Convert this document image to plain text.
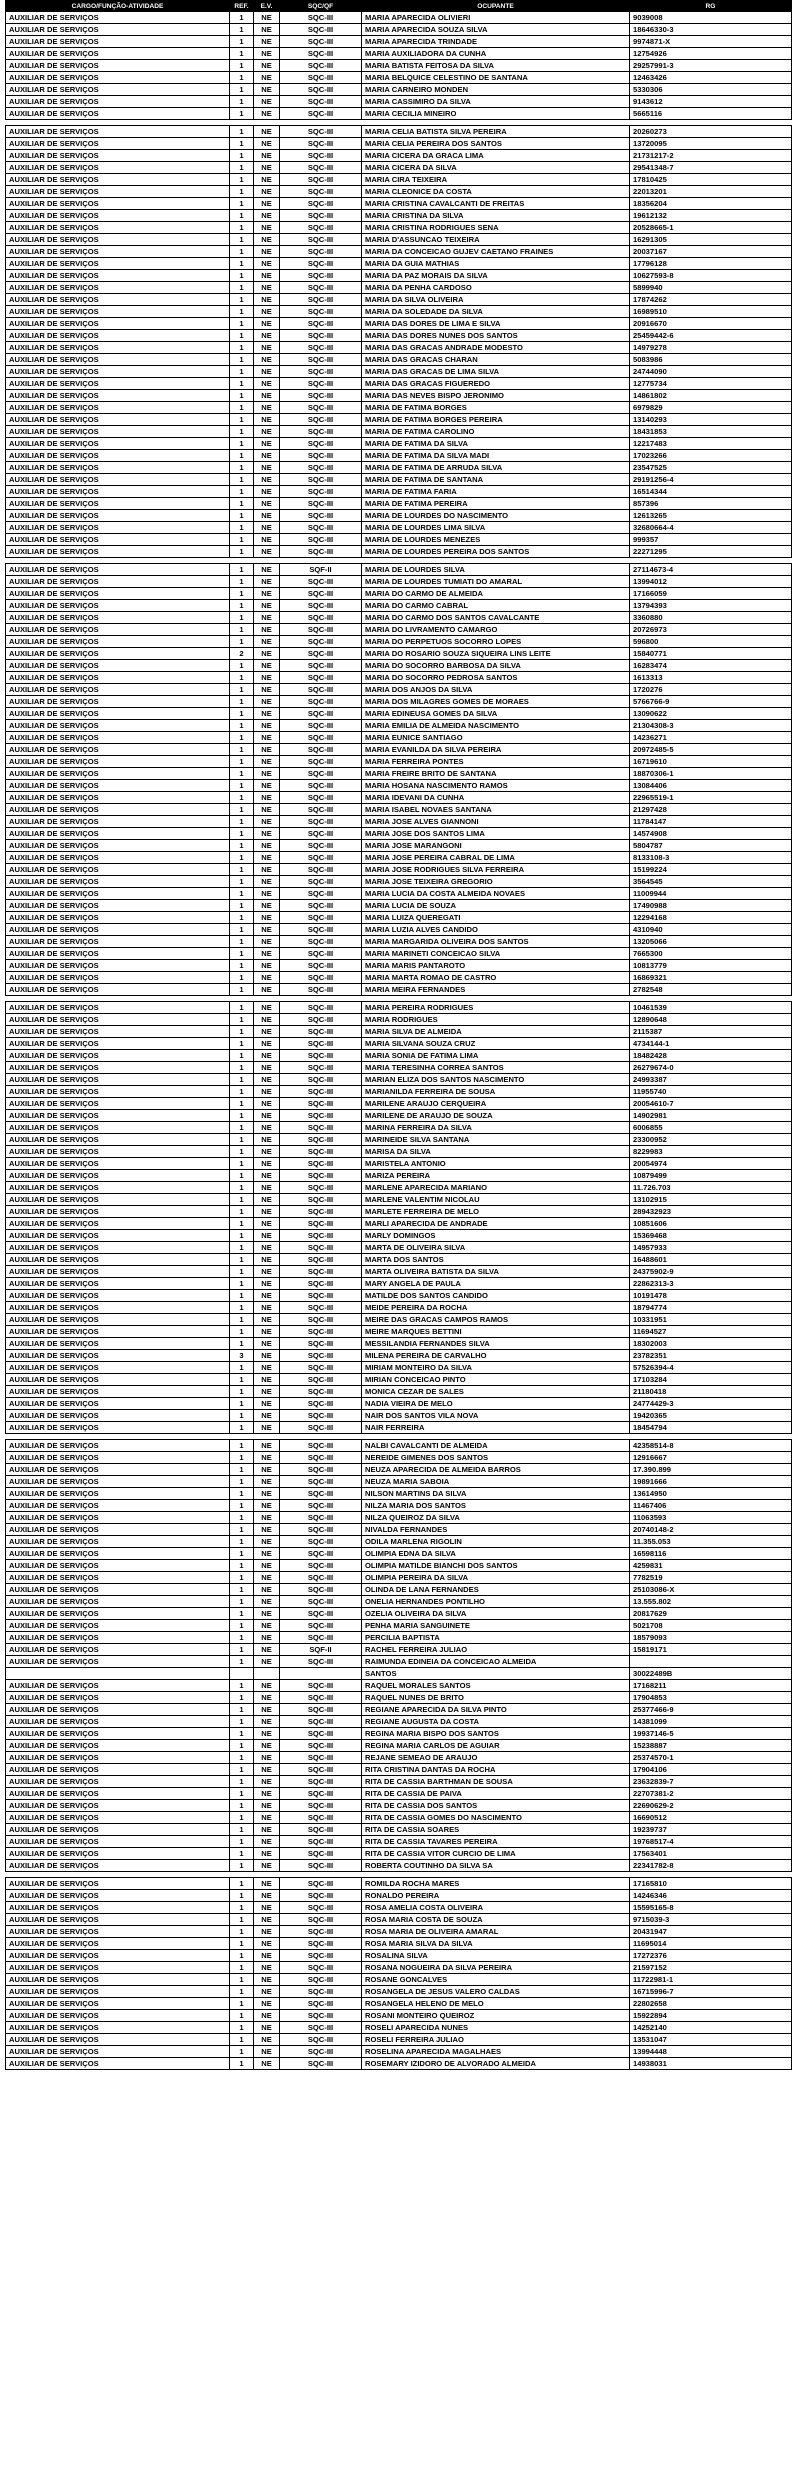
CARGO/FUNÇÃO-ATIVIDADE	REF.	E.V.	SQC/QF	OCUPANTE	RG
AUXILIAR DE SERVIÇOS	1	NE	SQC-III	MARIA APARECIDA OLIVIERI	9039008
AUXILIAR DE SERVIÇOS	1	NE	SQC-III	MARIA APARECIDA SOUZA SILVA	18646330-3
AUXILIAR DE SERVIÇOS	1	NE	SQC-III	MARIA APARECIDA TRINDADE	9974871-X
AUXILIAR DE SERVIÇOS	1	NE	SQC-III	MARIA AUXILIADORA DA CUNHA	12754926
AUXILIAR DE SERVIÇOS	1	NE	SQC-III	MARIA BATISTA FEITOSA DA SILVA	29257991-3
AUXILIAR DE SERVIÇOS	1	NE	SQC-III	MARIA BELQUICE CELESTINO DE SANTANA	12463426
AUXILIAR DE SERVIÇOS	1	NE	SQC-III	MARIA CARNEIRO MONDEN	5330306
AUXILIAR DE SERVIÇOS	1	NE	SQC-III	MARIA CASSIMIRO DA SILVA	9143612
AUXILIAR DE SERVIÇOS	1	NE	SQC-III	MARIA CECILIA MINEIRO	5665116

AUXILIAR DE SERVIÇOS	1	NE	SQC-III	MARIA CELIA BATISTA SILVA PEREIRA	20260273
AUXILIAR DE SERVIÇOS	1	NE	SQC-III	MARIA CELIA PEREIRA DOS SANTOS	13720095
AUXILIAR DE SERVIÇOS	1	NE	SQC-III	MARIA CICERA DA GRACA LIMA	21731217-2
AUXILIAR DE SERVIÇOS	1	NE	SQC-III	MARIA CICERA DA SILVA	29541348-7
AUXILIAR DE SERVIÇOS	1	NE	SQC-III	MARIA CIRA TEIXEIRA	17810425
AUXILIAR DE SERVIÇOS	1	NE	SQC-III	MARIA CLEONICE DA COSTA	22013201
AUXILIAR DE SERVIÇOS	1	NE	SQC-III	MARIA CRISTINA CAVALCANTI DE FREITAS	18356204
AUXILIAR DE SERVIÇOS	1	NE	SQC-III	MARIA CRISTINA DA SILVA	19612132
AUXILIAR DE SERVIÇOS	1	NE	SQC-III	MARIA CRISTINA RODRIGUES SENA	20528665-1
AUXILIAR DE SERVIÇOS	1	NE	SQC-III	MARIA D'ASSUNCAO TEIXEIRA	16291305
AUXILIAR DE SERVIÇOS	1	NE	SQC-III	MARIA DA CONCEICAO GUJEV CAETANO FRAINES	20037167
AUXILIAR DE SERVIÇOS	1	NE	SQC-III	MARIA DA GUIA MATHIAS	17796128
AUXILIAR DE SERVIÇOS	1	NE	SQC-III	MARIA DA PAZ MORAIS DA SILVA	10627593-8
AUXILIAR DE SERVIÇOS	1	NE	SQC-III	MARIA DA PENHA CARDOSO	5899940
AUXILIAR DE SERVIÇOS	1	NE	SQC-III	MARIA DA SILVA OLIVEIRA	17874262
AUXILIAR DE SERVIÇOS	1	NE	SQC-III	MARIA DA SOLEDADE DA SILVA	16989510
AUXILIAR DE SERVIÇOS	1	NE	SQC-III	MARIA DAS DORES DE LIMA E SILVA	20916670
AUXILIAR DE SERVIÇOS	1	NE	SQC-III	MARIA DAS DORES NUNES DOS SANTOS	25459442-6
AUXILIAR DE SERVIÇOS	1	NE	SQC-III	MARIA DAS GRACAS ANDRADE MODESTO	14979278
AUXILIAR DE SERVIÇOS	1	NE	SQC-III	MARIA DAS GRACAS CHARAN	5083986
AUXILIAR DE SERVIÇOS	1	NE	SQC-III	MARIA DAS GRACAS DE LIMA SILVA	24744090
AUXILIAR DE SERVIÇOS	1	NE	SQC-III	MARIA DAS GRACAS FIGUEREDO	12775734
AUXILIAR DE SERVIÇOS	1	NE	SQC-III	MARIA DAS NEVES BISPO JERONIMO	14861802
AUXILIAR DE SERVIÇOS	1	NE	SQC-III	MARIA DE FATIMA BORGES	6979829
AUXILIAR DE SERVIÇOS	1	NE	SQC-III	MARIA DE FATIMA BORGES PEREIRA	13140293
AUXILIAR DE SERVIÇOS	1	NE	SQC-III	MARIA DE FATIMA CAROLINO	18431853
AUXILIAR DE SERVIÇOS	1	NE	SQC-III	MARIA DE FATIMA DA SILVA	12217483
AUXILIAR DE SERVIÇOS	1	NE	SQC-III	MARIA DE FATIMA DA SILVA MADI	17023266
AUXILIAR DE SERVIÇOS	1	NE	SQC-III	MARIA DE FATIMA DE ARRUDA SILVA	23547525
AUXILIAR DE SERVIÇOS	1	NE	SQC-III	MARIA DE FATIMA DE SANTANA	29191256-4
AUXILIAR DE SERVIÇOS	1	NE	SQC-III	MARIA DE FATIMA FARIA	16514344
AUXILIAR DE SERVIÇOS	1	NE	SQC-III	MARIA DE FATIMA PEREIRA	857396
AUXILIAR DE SERVIÇOS	1	NE	SQC-III	MARIA DE LOURDES DO NASCIMENTO	12613265
AUXILIAR DE SERVIÇOS	1	NE	SQC-III	MARIA DE LOURDES LIMA SILVA	32680664-4
AUXILIAR DE SERVIÇOS	1	NE	SQC-III	MARIA DE LOURDES MENEZES	999357
AUXILIAR DE SERVIÇOS	1	NE	SQC-III	MARIA DE LOURDES PEREIRA DOS SANTOS	22271295

AUXILIAR DE SERVIÇOS	1	NE	SQF-II	MARIA DE LOURDES SILVA	27114673-4
AUXILIAR DE SERVIÇOS	1	NE	SQC-III	MARIA DE LOURDES TUMIATI DO AMARAL	13994012
AUXILIAR DE SERVIÇOS	1	NE	SQC-III	MARIA DO CARMO DE ALMEIDA	17166059
AUXILIAR DE SERVIÇOS	1	NE	SQC-III	MARIA DO CARMO CABRAL	13794393
AUXILIAR DE SERVIÇOS	1	NE	SQC-III	MARIA DO CARMO DOS SANTOS CAVALCANTE	3360880
AUXILIAR DE SERVIÇOS	1	NE	SQC-III	MARIA DO LIVRAMENTO CAMARGO	20726973
AUXILIAR DE SERVIÇOS	1	NE	SQC-III	MARIA DO PERPETUOS SOCORRO LOPES	596800
AUXILIAR DE SERVIÇOS	2	NE	SQC-III	MARIA DO ROSARIO SOUZA SIQUEIRA LINS LEITE	15840771
AUXILIAR DE SERVIÇOS	1	NE	SQC-III	MARIA DO SOCORRO BARBOSA DA SILVA	16283474
AUXILIAR DE SERVIÇOS	1	NE	SQC-III	MARIA DO SOCORRO PEDROSA SANTOS	1613313
AUXILIAR DE SERVIÇOS	1	NE	SQC-III	MARIA DOS ANJOS DA SILVA	1720276
AUXILIAR DE SERVIÇOS	1	NE	SQC-III	MARIA DOS MILAGRES GOMES DE MORAES	5766766-9
AUXILIAR DE SERVIÇOS	1	NE	SQC-III	MARIA EDINEUSA GOMES DA SILVA	13090622
AUXILIAR DE SERVIÇOS	1	NE	SQC-III	MARIA EMILIA DE ALMEIDA NASCIMENTO	21304308-3
AUXILIAR DE SERVIÇOS	1	NE	SQC-III	MARIA EUNICE SANTIAGO	14236271
AUXILIAR DE SERVIÇOS	1	NE	SQC-III	MARIA EVANILDA DA SILVA PEREIRA	20972485-5
AUXILIAR DE SERVIÇOS	1	NE	SQC-III	MARIA FERREIRA PONTES	16719610
AUXILIAR DE SERVIÇOS	1	NE	SQC-III	MARIA FREIRE BRITO DE SANTANA	18870306-1
AUXILIAR DE SERVIÇOS	1	NE	SQC-III	MARIA HOSANA NASCIMENTO RAMOS	13084406
AUXILIAR DE SERVIÇOS	1	NE	SQC-III	MARIA IDEVANI DA CUNHA	22965519-1
AUXILIAR DE SERVIÇOS	1	NE	SQC-III	MARIA ISABEL NOVAES SANTANA	21297428
AUXILIAR DE SERVIÇOS	1	NE	SQC-III	MARIA JOSE ALVES GIANNONI	11784147
AUXILIAR DE SERVIÇOS	1	NE	SQC-III	MARIA JOSE DOS SANTOS LIMA	14574908
AUXILIAR DE SERVIÇOS	1	NE	SQC-III	MARIA JOSE MARANGONI	5804787
AUXILIAR DE SERVIÇOS	1	NE	SQC-III	MARIA JOSE PEREIRA CABRAL DE LIMA	8133108-3
AUXILIAR DE SERVIÇOS	1	NE	SQC-III	MARIA JOSE RODRIGUES SILVA FERREIRA	15199224
AUXILIAR DE SERVIÇOS	1	NE	SQC-III	MARIA JOSE TEIXEIRA GREGORIO	3564545
AUXILIAR DE SERVIÇOS	1	NE	SQC-III	MARIA LUCIA DA COSTA ALMEIDA NOVAES	11009944
AUXILIAR DE SERVIÇOS	1	NE	SQC-III	MARIA LUCIA DE SOUZA	17490988
AUXILIAR DE SERVIÇOS	1	NE	SQC-III	MARIA LUIZA QUEREGATI	12294168
AUXILIAR DE SERVIÇOS	1	NE	SQC-III	MARIA LUZIA ALVES CANDIDO	4310940
AUXILIAR DE SERVIÇOS	1	NE	SQC-III	MARIA MARGARIDA OLIVEIRA DOS SANTOS	13205066
AUXILIAR DE SERVIÇOS	1	NE	SQC-III	MARIA MARINETI CONCEICAO SILVA	7665300
AUXILIAR DE SERVIÇOS	1	NE	SQC-III	MARIA MARIS PANTAROTO	10813779
AUXILIAR DE SERVIÇOS	1	NE	SQC-III	MARIA MARTA ROMAO DE CASTRO	16869321
AUXILIAR DE SERVIÇOS	1	NE	SQC-III	MARIA MEIRA FERNANDES	2782548

AUXILIAR DE SERVIÇOS	1	NE	SQC-III	MARIA PEREIRA RODRIGUES	10461539
AUXILIAR DE SERVIÇOS	1	NE	SQC-III	MARIA RODRIGUES	12890648
AUXILIAR DE SERVIÇOS	1	NE	SQC-III	MARIA SILVA DE ALMEIDA	2115387
AUXILIAR DE SERVIÇOS	1	NE	SQC-III	MARIA SILVANA SOUZA CRUZ	4734144-1
AUXILIAR DE SERVIÇOS	1	NE	SQC-III	MARIA SONIA DE FATIMA LIMA	18482428
AUXILIAR DE SERVIÇOS	1	NE	SQC-III	MARIA TERESINHA CORREA SANTOS	26279674-0
AUXILIAR DE SERVIÇOS	1	NE	SQC-III	MARIAN ELIZA DOS SANTOS NASCIMENTO	24993387
AUXILIAR DE SERVIÇOS	1	NE	SQC-III	MARIANILDA FERREIRA DE SOUSA	11955740
AUXILIAR DE SERVIÇOS	1	NE	SQC-III	MARILENE ARAUJO CERQUEIRA	20054610-7
AUXILIAR DE SERVIÇOS	1	NE	SQC-III	MARILENE DE ARAUJO DE SOUZA	14902981
AUXILIAR DE SERVIÇOS	1	NE	SQC-III	MARINA FERREIRA DA SILVA	6006855
AUXILIAR DE SERVIÇOS	1	NE	SQC-III	MARINEIDE SILVA SANTANA	23300952
AUXILIAR DE SERVIÇOS	1	NE	SQC-III	MARISA DA SILVA	8229983
AUXILIAR DE SERVIÇOS	1	NE	SQC-III	MARISTELA ANTONIO	20054974
AUXILIAR DE SERVIÇOS	1	NE	SQC-III	MARIZA PEREIRA	10879499
AUXILIAR DE SERVIÇOS	1	NE	SQC-III	MARLENE APARECIDA MARIANO	11.726.703
AUXILIAR DE SERVIÇOS	1	NE	SQC-III	MARLENE VALENTIM NICOLAU	13102915
AUXILIAR DE SERVIÇOS	1	NE	SQC-III	MARLETE FERREIRA DE MELO	289432923
AUXILIAR DE SERVIÇOS	1	NE	SQC-III	MARLI APARECIDA DE ANDRADE	10851606
AUXILIAR DE SERVIÇOS	1	NE	SQC-III	MARLY DOMINGOS	15369468
AUXILIAR DE SERVIÇOS	1	NE	SQC-III	MARTA DE OLIVEIRA SILVA	14957933
AUXILIAR DE SERVIÇOS	1	NE	SQC-III	MARTA DOS SANTOS	16488601
AUXILIAR DE SERVIÇOS	1	NE	SQC-III	MARTA OLIVEIRA BATISTA DA SILVA	24375902-9
AUXILIAR DE SERVIÇOS	1	NE	SQC-III	MARY ANGELA DE PAULA	22862313-3
AUXILIAR DE SERVIÇOS	1	NE	SQC-III	MATILDE DOS SANTOS CANDIDO	10191478
AUXILIAR DE SERVIÇOS	1	NE	SQC-III	MEIDE PEREIRA DA ROCHA	18794774
AUXILIAR DE SERVIÇOS	1	NE	SQC-III	MEIRE DAS GRACAS CAMPOS RAMOS	10331951
AUXILIAR DE SERVIÇOS	1	NE	SQC-III	MEIRE MARQUES BETTINI	11694527
AUXILIAR DE SERVIÇOS	1	NE	SQC-III	MESSILANDIA FERNANDES SILVA	18302003
AUXILIAR DE SERVIÇOS	3	NE	SQC-III	MILENA PEREIRA DE CARVALHO	23782351
AUXILIAR DE SERVIÇOS	1	NE	SQC-III	MIRIAM MONTEIRO DA SILVA	57526394-4
AUXILIAR DE SERVIÇOS	1	NE	SQC-III	MIRIAN CONCEICAO PINTO	17103284
AUXILIAR DE SERVIÇOS	1	NE	SQC-III	MONICA CEZAR DE SALES	21180418
AUXILIAR DE SERVIÇOS	1	NE	SQC-III	NADIA VIEIRA DE MELO	24774429-3
AUXILIAR DE SERVIÇOS	1	NE	SQC-III	NAIR DOS SANTOS VILA NOVA	19420365
AUXILIAR DE SERVIÇOS	1	NE	SQC-III	NAIR FERREIRA	18454794

AUXILIAR DE SERVIÇOS	1	NE	SQC-III	NALBI CAVALCANTI DE ALMEIDA	42358514-8
AUXILIAR DE SERVIÇOS	1	NE	SQC-III	NEREIDE GIMENES DOS SANTOS	12916667
AUXILIAR DE SERVIÇOS	1	NE	SQC-III	NEUZA APARECIDA DE ALMEIDA BARROS	17.390.899
AUXILIAR DE SERVIÇOS	1	NE	SQC-III	NEUZA MARIA SABOIA	19891666
AUXILIAR DE SERVIÇOS	1	NE	SQC-III	NILSON MARTINS DA SILVA	13614950
AUXILIAR DE SERVIÇOS	1	NE	SQC-III	NILZA MARIA DOS SANTOS	11467406
AUXILIAR DE SERVIÇOS	1	NE	SQC-III	NILZA QUEIROZ DA SILVA	11063593
AUXILIAR DE SERVIÇOS	1	NE	SQC-III	NIVALDA FERNANDES	20740148-2
AUXILIAR DE SERVIÇOS	1	NE	SQC-III	ODILA MARLENA RIGOLIN	11.355.053
AUXILIAR DE SERVIÇOS	1	NE	SQC-III	OLIMPIA EDNA DA SILVA	16598116
AUXILIAR DE SERVIÇOS	1	NE	SQC-III	OLIMPIA MATILDE BIANCHI DOS SANTOS	4259831
AUXILIAR DE SERVIÇOS	1	NE	SQC-III	OLIMPIA PEREIRA DA SILVA	7782519
AUXILIAR DE SERVIÇOS	1	NE	SQC-III	OLINDA DE LANA FERNANDES	25103086-X
AUXILIAR DE SERVIÇOS	1	NE	SQC-III	ONELIA HERNANDES PONTILHO	13.555.802
AUXILIAR DE SERVIÇOS	1	NE	SQC-III	OZELIA OLIVEIRA DA SILVA	20817629
AUXILIAR DE SERVIÇOS	1	NE	SQC-III	PENHA MARIA SANGUINETE	5021708
AUXILIAR DE SERVIÇOS	1	NE	SQC-III	PERCILIA BAPTISTA	18579093
AUXILIAR DE SERVIÇOS	1	NE	SQF-II	RACHEL FERREIRA JULIAO	15819171
AUXILIAR DE SERVIÇOS	1	NE	SQC-III	RAIMUNDA EDINEIA DA CONCEICAO ALMEIDA	
				SANTOS	30022489B
AUXILIAR DE SERVIÇOS	1	NE	SQC-III	RAQUEL MORALES SANTOS	17168211
AUXILIAR DE SERVIÇOS	1	NE	SQC-III	RAQUEL NUNES DE BRITO	17904853
AUXILIAR DE SERVIÇOS	1	NE	SQC-III	REGIANE APARECIDA DA SILVA PINTO	25377466-9
AUXILIAR DE SERVIÇOS	1	NE	SQC-III	REGIANE AUGUSTA DA COSTA	14381099
AUXILIAR DE SERVIÇOS	1	NE	SQC-III	REGINA MARIA BISPO DOS SANTOS	19937146-5
AUXILIAR DE SERVIÇOS	1	NE	SQC-III	REGINA MARIA CARLOS DE AGUIAR	15238887
AUXILIAR DE SERVIÇOS	1	NE	SQC-III	REJANE SEMEAO DE ARAUJO	25374570-1
AUXILIAR DE SERVIÇOS	1	NE	SQC-III	RITA CRISTINA DANTAS DA ROCHA	17904106
AUXILIAR DE SERVIÇOS	1	NE	SQC-III	RITA DE CASSIA BARTHMAN DE SOUSA	23632839-7
AUXILIAR DE SERVIÇOS	1	NE	SQC-III	RITA DE CASSIA DE PAIVA	22707381-2
AUXILIAR DE SERVIÇOS	1	NE	SQC-III	RITA DE CASSIA DOS SANTOS	22690629-2
AUXILIAR DE SERVIÇOS	1	NE	SQC-III	RITA DE CASSIA GOMES DO NASCIMENTO	16690512
AUXILIAR DE SERVIÇOS	1	NE	SQC-III	RITA DE CASSIA SOARES	19239737
AUXILIAR DE SERVIÇOS	1	NE	SQC-III	RITA DE CASSIA TAVARES PEREIRA	19768517-4
AUXILIAR DE SERVIÇOS	1	NE	SQC-III	RITA DE CASSIA VITOR CURCIO DE LIMA	17563401
AUXILIAR DE SERVIÇOS	1	NE	SQC-III	ROBERTA COUTINHO DA SILVA SA	22341782-8

AUXILIAR DE SERVIÇOS	1	NE	SQC-III	ROMILDA ROCHA MARES	17165810
AUXILIAR DE SERVIÇOS	1	NE	SQC-III	RONALDO PEREIRA	14246346
AUXILIAR DE SERVIÇOS	1	NE	SQC-III	ROSA AMELIA COSTA OLIVEIRA	15595165-8
AUXILIAR DE SERVIÇOS	1	NE	SQC-III	ROSA MARIA COSTA DE SOUZA	9715039-3
AUXILIAR DE SERVIÇOS	1	NE	SQC-III	ROSA MARIA DE OLIVEIRA AMARAL	20431947
AUXILIAR DE SERVIÇOS	1	NE	SQC-III	ROSA MARIA SILVA DA SILVA	11695014
AUXILIAR DE SERVIÇOS	1	NE	SQC-III	ROSALINA SILVA	17272376
AUXILIAR DE SERVIÇOS	1	NE	SQC-III	ROSANA NOGUEIRA DA SILVA PEREIRA	21597152
AUXILIAR DE SERVIÇOS	1	NE	SQC-III	ROSANE GONCALVES	11722981-1
AUXILIAR DE SERVIÇOS	1	NE	SQC-III	ROSANGELA DE JESUS VALERO CALDAS	16715996-7
AUXILIAR DE SERVIÇOS	1	NE	SQC-III	ROSANGELA HELENO DE MELO	22802658
AUXILIAR DE SERVIÇOS	1	NE	SQC-III	ROSANI MONTEIRO QUEIROZ	15922894
AUXILIAR DE SERVIÇOS	1	NE	SQC-III	ROSELI APARECIDA NUNES	14252140
AUXILIAR DE SERVIÇOS	1	NE	SQC-III	ROSELI FERREIRA JULIAO	13531047
AUXILIAR DE SERVIÇOS	1	NE	SQC-III	ROSELINA APARECIDA MAGALHAES	13994448
AUXILIAR DE SERVIÇOS	1	NE	SQC-III	ROSEMARY IZIDORO DE ALVORADO ALMEIDA	14938031
